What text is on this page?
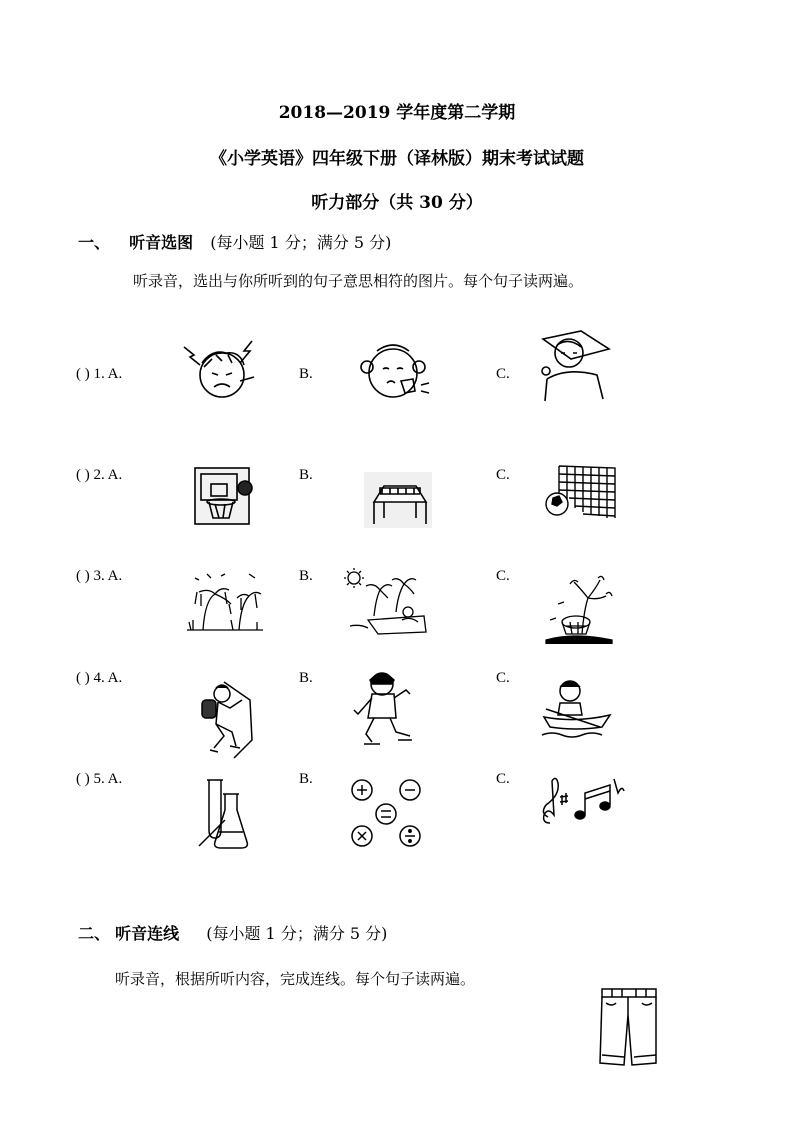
2018—2019 学年度第二学期
《小学英语》四年级下册（译林版）期末考试试题
听力部分（共 30 分）
一、 听音选图 (每小题 1 分；满分 5 分)
听录音，选出与你所听到的句子意思相符的图片。每个句子读两遍。
( ) 1. A.	B.	C.
( ) 2. A.	B.	C.
( ) 3. A.	B.	C.
( ) 4. A.	B.	C.
( ) 5. A.	B.	C.
二、 听音连线 (每小题 1 分；满分 5 分)
听录音，根据所听内容，完成连线。每个句子读两遍。
